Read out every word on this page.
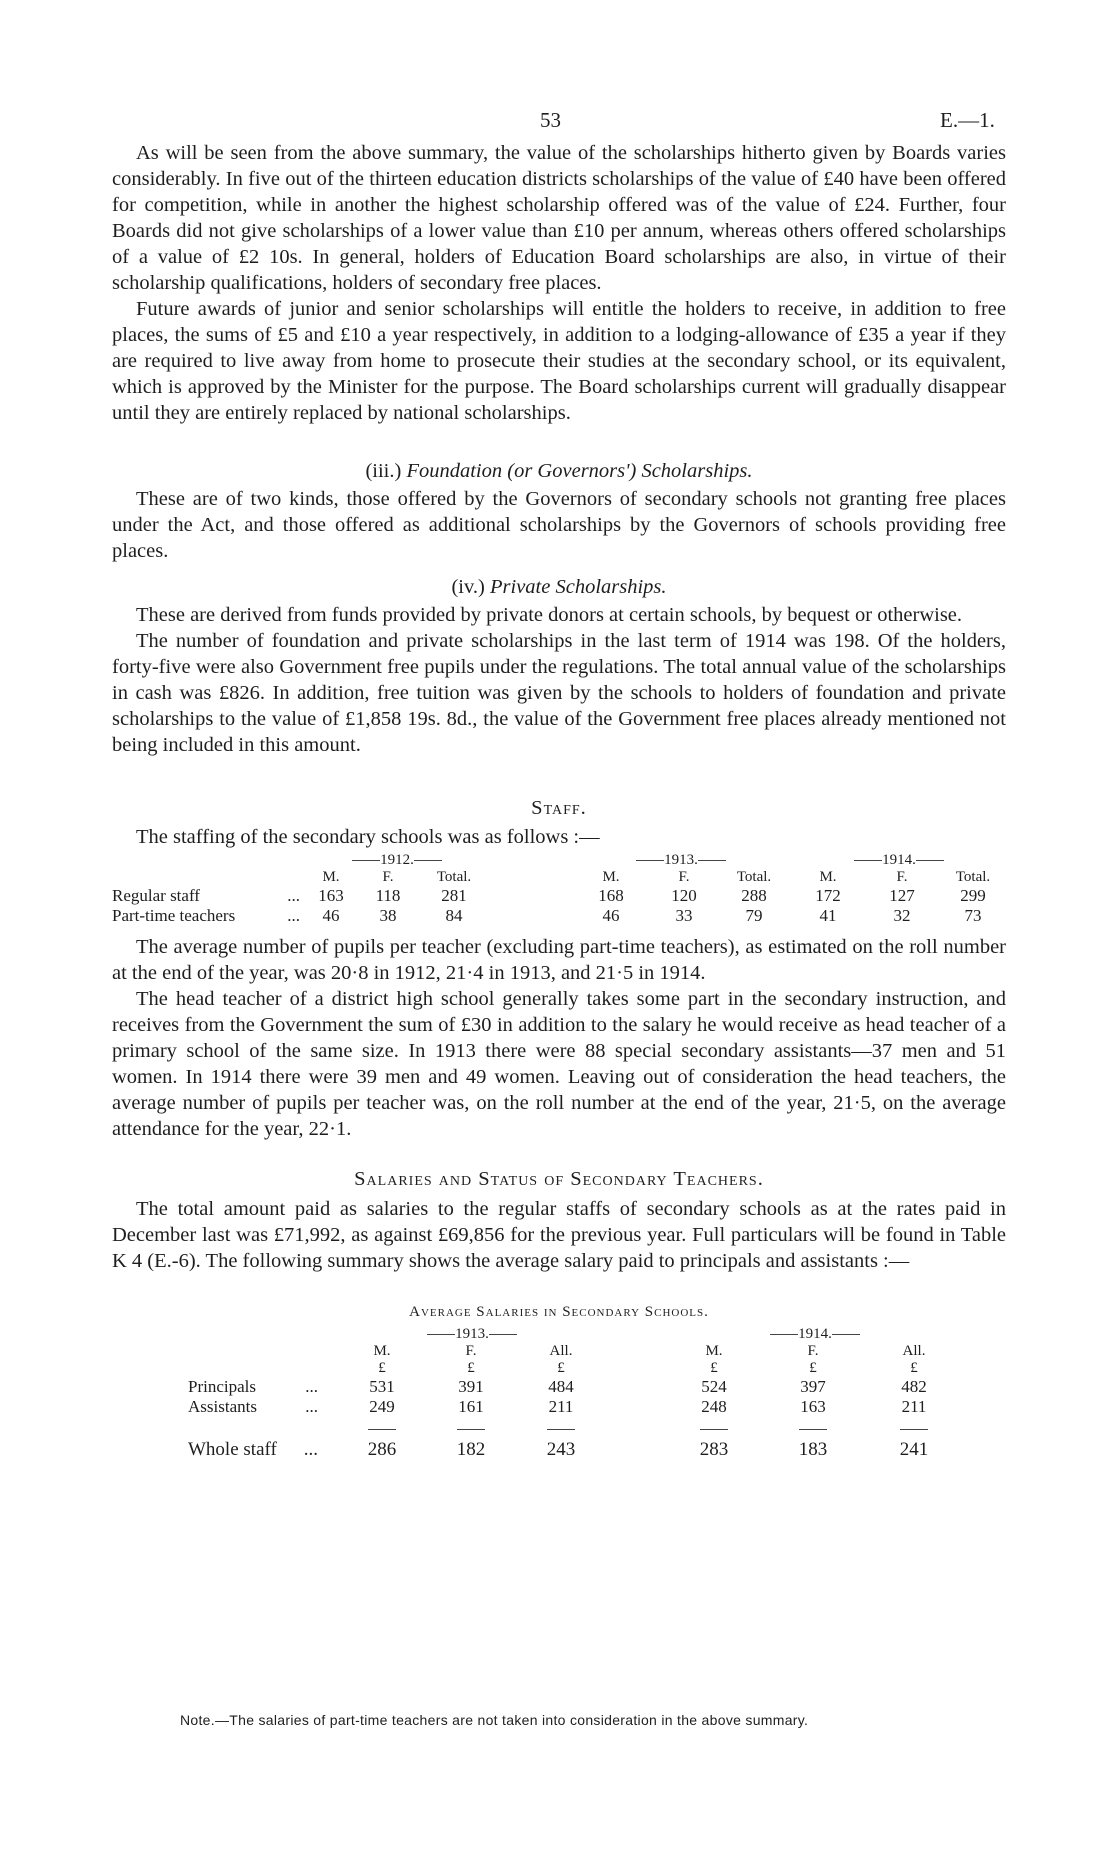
53	E.—1.

As will be seen from the above summary, the value of the scholarships hitherto given by Boards varies considerably. In five out of the thirteen education districts scholarships of the value of £40 have been offered for competition, while in another the highest scholarship offered was of the value of £24. Further, four Boards did not give scholarships of a lower value than £10 per annum, whereas others offered scholarships of a value of £2 10s. In general, holders of Education Board scholarships are also, in virtue of their scholarship qualifications, holders of secondary free places.

Future awards of junior and senior scholarships will entitle the holders to receive, in addition to free places, the sums of £5 and £10 a year respectively, in addition to a lodging-allowance of £35 a year if they are required to live away from home to prosecute their studies at the secondary school, or its equivalent, which is approved by the Minister for the purpose. The Board scholarships current will gradually disappear until they are entirely replaced by national scholarships.

(iii.) Foundation (or Governors') Scholarships.

These are of two kinds, those offered by the Governors of secondary schools not granting free places under the Act, and those offered as additional scholarships by the Governors of schools providing free places.

(iv.) Private Scholarships.

These are derived from funds provided by private donors at certain schools, by bequest or otherwise.

The number of foundation and private scholarships in the last term of 1914 was 198. Of the holders, forty-five were also Government free pupils under the regulations. The total annual value of the scholarships in cash was £826. In addition, free tuition was given by the schools to holders of foundation and private scholarships to the value of £1,858 19s. 8d., the value of the Government free places already mentioned not being included in this amount.

Staff.

The staffing of the secondary schools was as follows :—

	1912.				1913.			1914.		
	M.	F.	Total.		M.	F.	Total.	M.	F.	Total.
Regular staff ...	163	118	281		168	120	288	172	127	299
Part-time teachers ...	46	38	84		46	33	79	41	32	73

The average number of pupils per teacher (excluding part-time teachers), as estimated on the roll number at the end of the year, was 20·8 in 1912, 21·4 in 1913, and 21·5 in 1914.

The head teacher of a district high school generally takes some part in the secondary instruction, and receives from the Government the sum of £30 in addition to the salary he would receive as head teacher of a primary school of the same size. In 1913 there were 88 special secondary assistants—37 men and 51 women. In 1914 there were 39 men and 49 women. Leaving out of consideration the head teachers, the average number of pupils per teacher was, on the roll number at the end of the year, 21·5, on the average attendance for the year, 22·1.

Salaries and Status of Secondary Teachers.

The total amount paid as salaries to the regular staffs of secondary schools as at the rates paid in December last was £71,992, as against £69,856 for the previous year. Full particulars will be found in Table K 4 (E.-6). The following summary shows the average salary paid to principals and assistants :—

Average Salaries in Secondary Schools.
	1913.				1914.		
	M.	F.	All.		M.	F.	All.
	£	£	£		£	£	£
Principals ...	531	391	484		524	397	482
Assistants ...	249	161	211		248	163	211

Whole staff ...	286	182	243		283	183	241
Note.—The salaries of part-time teachers are not taken into consideration in the above summary.
